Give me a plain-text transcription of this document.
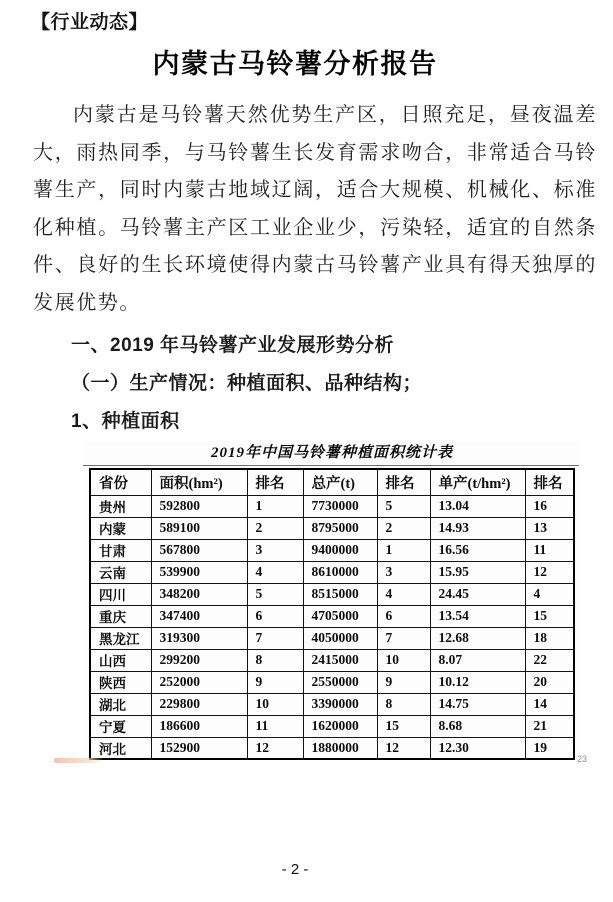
【行业动态】
内蒙古马铃薯分析报告
内蒙古是马铃薯天然优势生产区，日照充足，昼夜温差大，雨热同季，与马铃薯生长发育需求吻合，非常适合马铃薯生产，同时内蒙古地域辽阔，适合大规模、机械化、标准化种植。马铃薯主产区工业企业少，污染轻，适宜的自然条件、良好的生长环境使得内蒙古马铃薯产业具有得天独厚的发展优势。
一、2019 年马铃薯产业发展形势分析
（一）生产情况：种植面积、品种结构；
1、种植面积
2019年中国马铃薯种植面积统计表
省份	面积(hm²)	排名	总产(t)	排名	单产(t/hm²)	排名
贵州	592800	1	7730000	5	13.04	16
内蒙	589100	2	8795000	2	14.93	13
甘肃	567800	3	9400000	1	16.56	11
云南	539900	4	8610000	3	15.95	12
四川	348200	5	8515000	4	24.45	4
重庆	347400	6	4705000	6	13.54	15
黑龙江	319300	7	4050000	7	12.68	18
山西	299200	8	2415000	10	8.07	22
陕西	252000	9	2550000	9	10.12	20
湖北	229800	10	3390000	8	14.75	14
宁夏	186600	11	1620000	15	8.68	21
河北	152900	12	1880000	12	12.30	19
23
- 2 -
